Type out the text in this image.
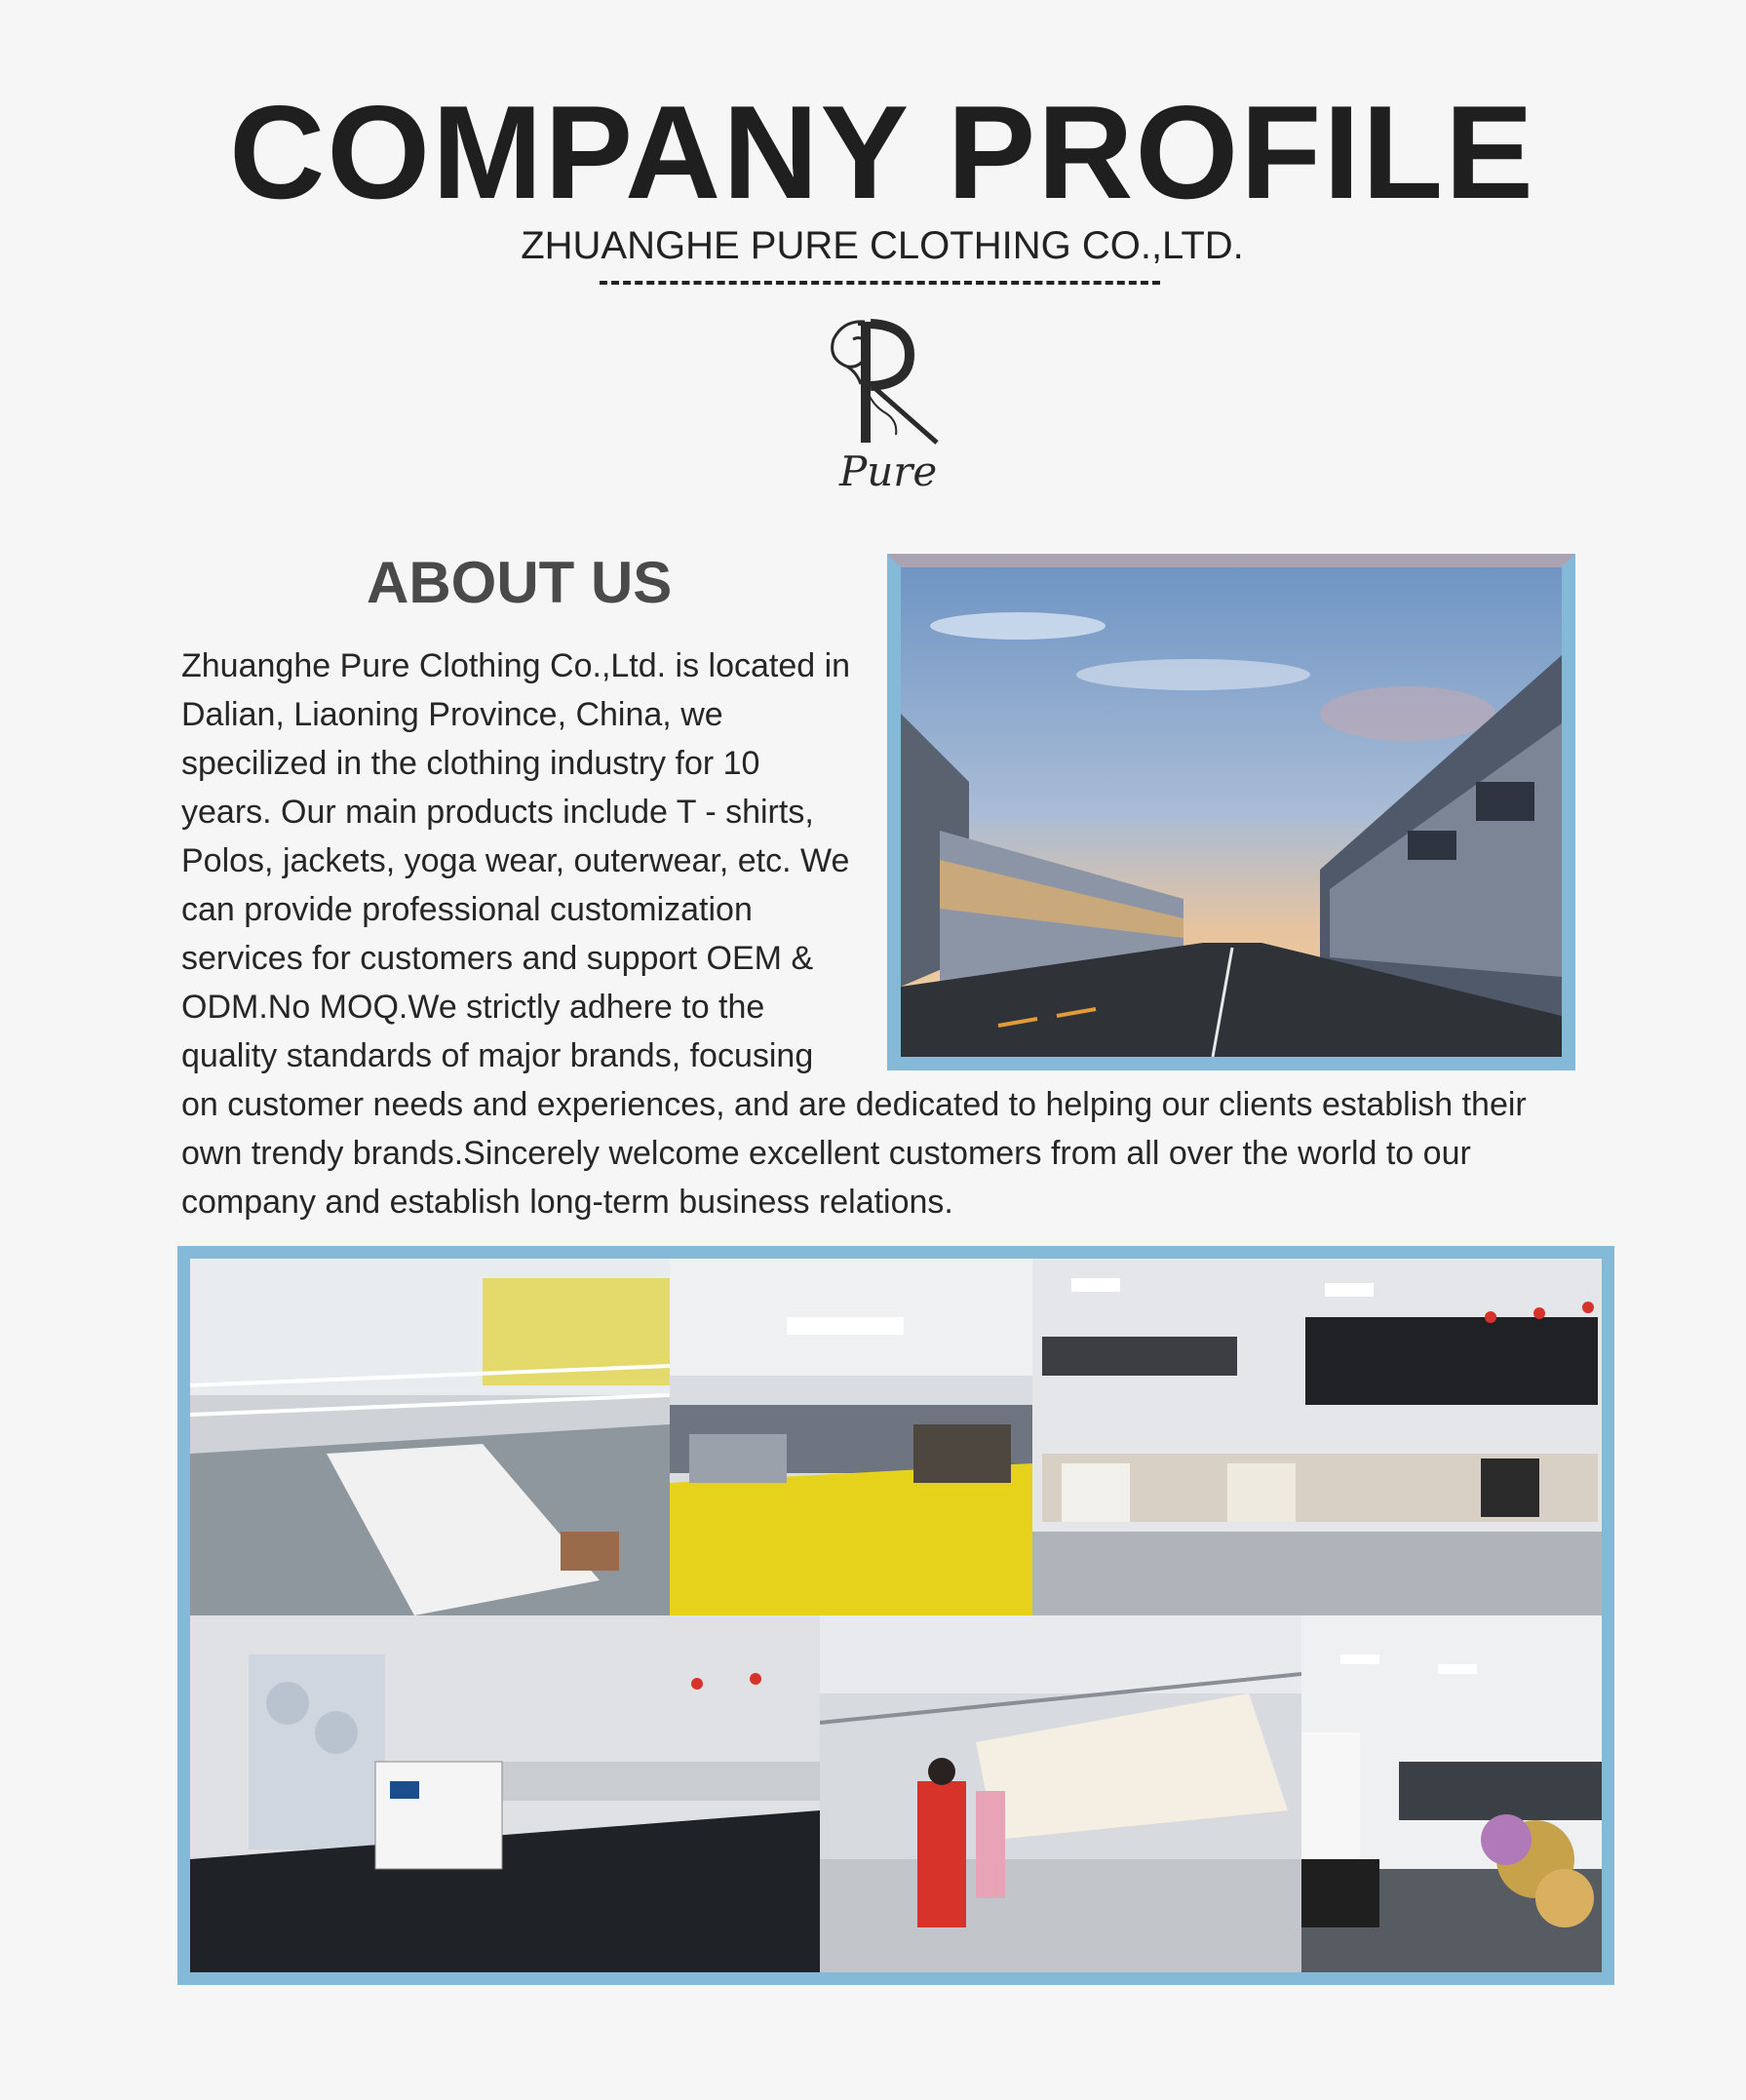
COMPANY PROFILE
ZHUANGHE PURE CLOTHING CO.,LTD.
Pure
ABOUT US

Zhuanghe Pure Clothing Co.,Ltd. is located in Dalian, Liaoning Province, China, we specilized in the clothing industry for 10 years. Our main products include T - shirts, Polos, jackets, yoga wear, outerwear, etc. We can provide professional customization services for customers and support OEM & ODM.No MOQ.We strictly adhere to the quality standards of major brands, focusing on customer needs and experiences, and are dedicated to helping our clients establish their own trendy brands.Sincerely welcome excellent customers from all over the world to our company and establish long-term business relations.
